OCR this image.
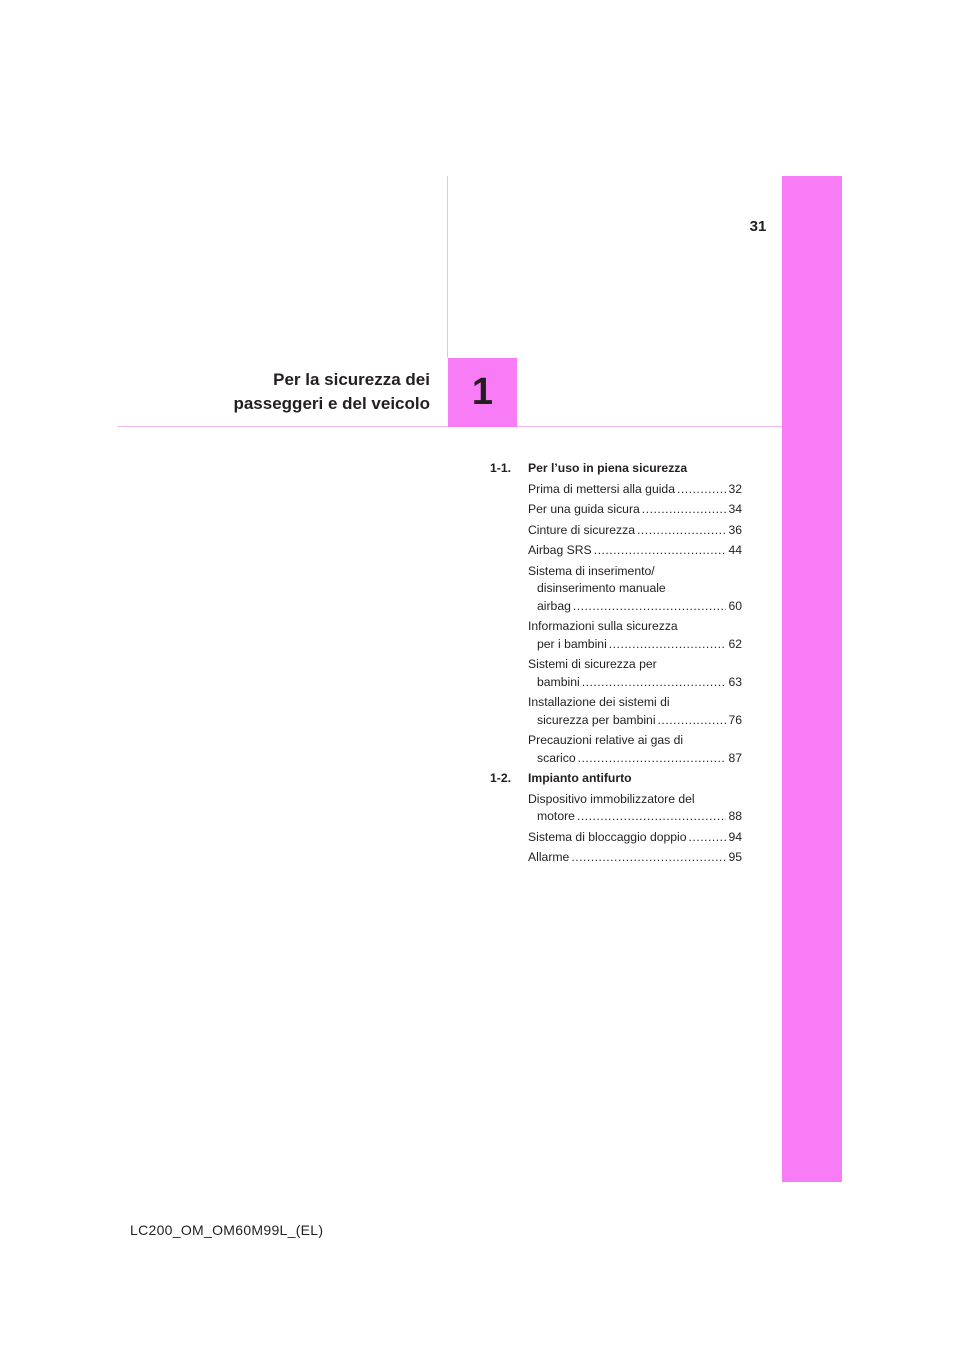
31
Per la sicurezza dei
passeggeri e del veicolo 1
1-1.	Per l’uso in piena sicurezza
Prima di mettersi alla guida .....	32
Per una guida sicura .....	34
Cinture di sicurezza .....	36
Airbag SRS .....	44
Sistema di inserimento/
disinserimento manuale
airbag .....	60
Informazioni sulla sicurezza
per i bambini .....	62
Sistemi di sicurezza per
bambini .....	63
Installazione dei sistemi di
sicurezza per bambini .....	76
Precauzioni relative ai gas di
scarico .....	87
1-2.	Impianto antifurto
Dispositivo immobilizzatore del
motore .....	88
Sistema di bloccaggio doppio .....	94
Allarme .....	95
LC200_OM_OM60M99L_(EL)
